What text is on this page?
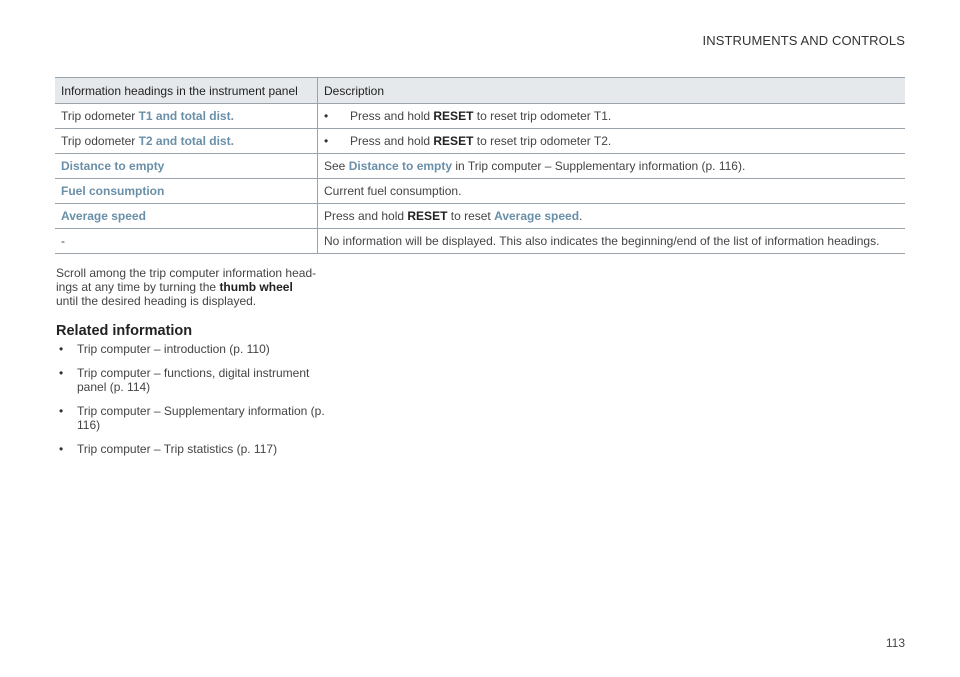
INSTRUMENTS AND CONTROLS
Information headings in the instrument panel	Description
Trip odometer T1 and total dist.	• Press and hold RESET to reset trip odometer T1.
Trip odometer T2 and total dist.	• Press and hold RESET to reset trip odometer T2.
Distance to empty	See Distance to empty in Trip computer – Supplementary information (p. 116).
Fuel consumption	Current fuel consumption.
Average speed	Press and hold RESET to reset Average speed.
-	No information will be displayed. This also indicates the beginning/end of the list of information headings.
Scroll among the trip computer information head-ings at any time by turning the thumb wheel
until the desired heading is displayed.
Related information
• Trip computer – introduction (p. 110)
• Trip computer – functions, digital instrument panel (p. 114)
• Trip computer – Supplementary information (p. 116)
• Trip computer – Trip statistics (p. 117)
113
